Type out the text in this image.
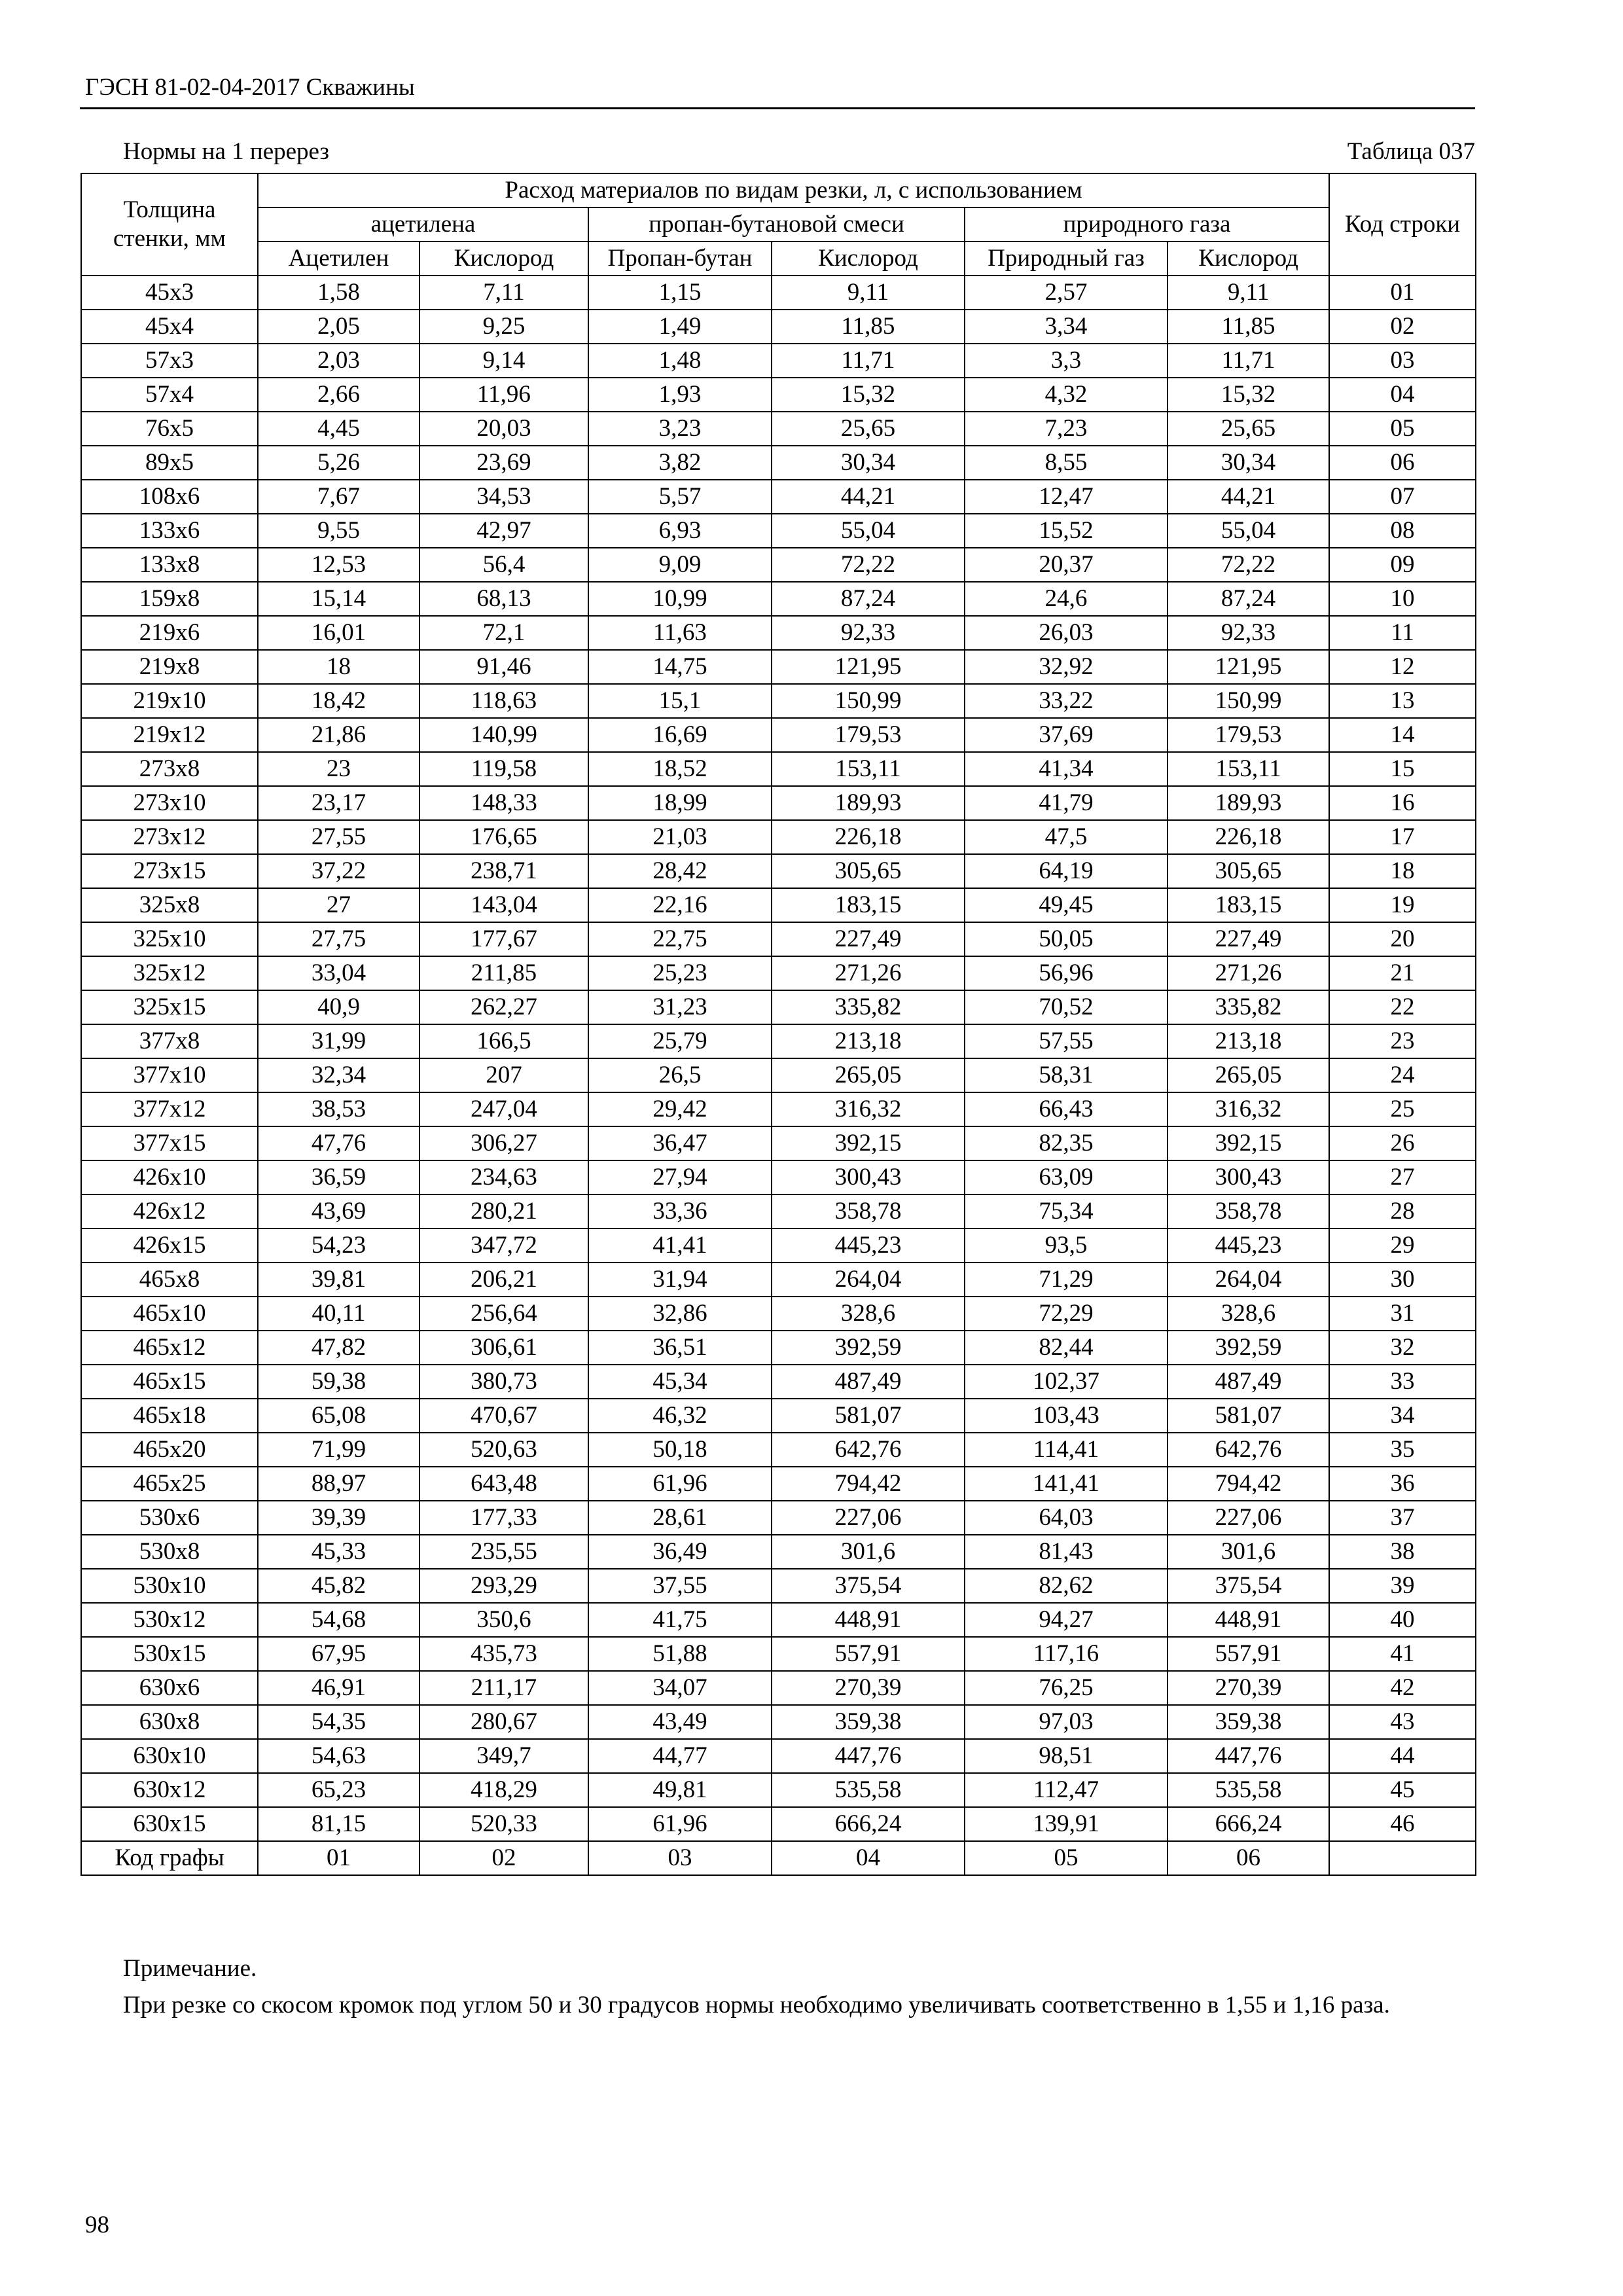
ГЭСН 81-02-04-2017 Скважины
Нормы на 1 перерез	Таблица 037
Толщина стенки, мм	Расход материалов по видам резки, л, с использованием						Код строки
	ацетилена		пропан-бутановой смеси		природного газа		
	Ацетилен	Кислород	Пропан-бутан	Кислород	Природный газ	Кислород	
45х3	1,58	7,11	1,15	9,11	2,57	9,11	01
45х4	2,05	9,25	1,49	11,85	3,34	11,85	02
57х3	2,03	9,14	1,48	11,71	3,3	11,71	03
57х4	2,66	11,96	1,93	15,32	4,32	15,32	04
76х5	4,45	20,03	3,23	25,65	7,23	25,65	05
89х5	5,26	23,69	3,82	30,34	8,55	30,34	06
108х6	7,67	34,53	5,57	44,21	12,47	44,21	07
133х6	9,55	42,97	6,93	55,04	15,52	55,04	08
133х8	12,53	56,4	9,09	72,22	20,37	72,22	09
159х8	15,14	68,13	10,99	87,24	24,6	87,24	10
219х6	16,01	72,1	11,63	92,33	26,03	92,33	11
219х8	18	91,46	14,75	121,95	32,92	121,95	12
219х10	18,42	118,63	15,1	150,99	33,22	150,99	13
219х12	21,86	140,99	16,69	179,53	37,69	179,53	14
273х8	23	119,58	18,52	153,11	41,34	153,11	15
273х10	23,17	148,33	18,99	189,93	41,79	189,93	16
273х12	27,55	176,65	21,03	226,18	47,5	226,18	17
273х15	37,22	238,71	28,42	305,65	64,19	305,65	18
325х8	27	143,04	22,16	183,15	49,45	183,15	19
325х10	27,75	177,67	22,75	227,49	50,05	227,49	20
325х12	33,04	211,85	25,23	271,26	56,96	271,26	21
325х15	40,9	262,27	31,23	335,82	70,52	335,82	22
377х8	31,99	166,5	25,79	213,18	57,55	213,18	23
377х10	32,34	207	26,5	265,05	58,31	265,05	24
377х12	38,53	247,04	29,42	316,32	66,43	316,32	25
377х15	47,76	306,27	36,47	392,15	82,35	392,15	26
426х10	36,59	234,63	27,94	300,43	63,09	300,43	27
426х12	43,69	280,21	33,36	358,78	75,34	358,78	28
426х15	54,23	347,72	41,41	445,23	93,5	445,23	29
465х8	39,81	206,21	31,94	264,04	71,29	264,04	30
465х10	40,11	256,64	32,86	328,6	72,29	328,6	31
465х12	47,82	306,61	36,51	392,59	82,44	392,59	32
465х15	59,38	380,73	45,34	487,49	102,37	487,49	33
465х18	65,08	470,67	46,32	581,07	103,43	581,07	34
465х20	71,99	520,63	50,18	642,76	114,41	642,76	35
465х25	88,97	643,48	61,96	794,42	141,41	794,42	36
530х6	39,39	177,33	28,61	227,06	64,03	227,06	37
530х8	45,33	235,55	36,49	301,6	81,43	301,6	38
530х10	45,82	293,29	37,55	375,54	82,62	375,54	39
530х12	54,68	350,6	41,75	448,91	94,27	448,91	40
530х15	67,95	435,73	51,88	557,91	117,16	557,91	41
630х6	46,91	211,17	34,07	270,39	76,25	270,39	42
630х8	54,35	280,67	43,49	359,38	97,03	359,38	43
630х10	54,63	349,7	44,77	447,76	98,51	447,76	44
630х12	65,23	418,29	49,81	535,58	112,47	535,58	45
630х15	81,15	520,33	61,96	666,24	139,91	666,24	46
Код графы	01	02	03	04	05	06	
Примечание.
При резке со скосом кромок под углом 50 и 30 градусов нормы необходимо увеличивать соответственно в 1,55 и 1,16 раза.
98
